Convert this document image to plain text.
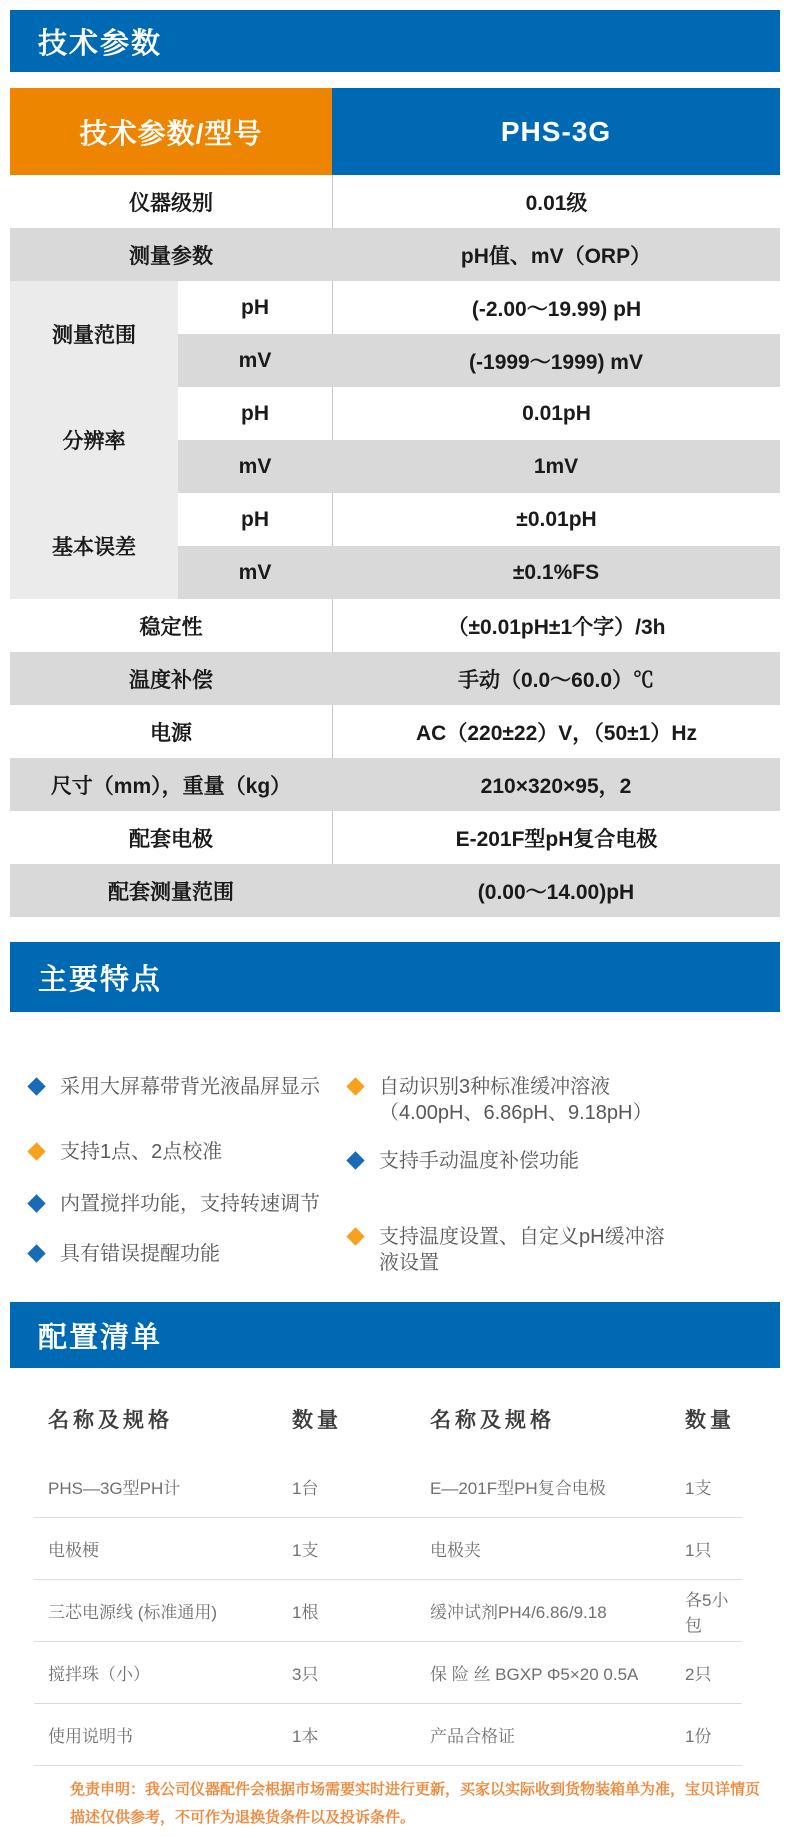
技术参数
技术参数/型号	PHS-3G
仪器级别	0.01级
测量参数	pH值、mV（ORP）
测量范围
pH	(-2.00～19.99) pH
mV	(-1999～1999) mV
分辨率
pH	0.01pH
mV	1mV
基本误差
pH	±0.01pH
mV	±0.1%FS
稳定性	（±0.01pH±1个字）/3h
温度补偿	手动（0.0～60.0）℃
电源	AC（220±22）V，（50±1）Hz
尺寸（mm），重量（kg）	210×320×95，2
配套电极	E-201F型pH复合电极
配套测量范围	(0.00～14.00)pH
主要特点
采用大屏幕带背光液晶屏显示
支持1点、2点校准
内置搅拌功能，支持转速调节
具有错误提醒功能
自动识别3种标准缓冲溶液（4.00pH、6.86pH、9.18pH）
支持手动温度补偿功能
支持温度设置、自定义pH缓冲溶液设置
配置清单
名称及规格	数量	名称及规格	数量
PHS—3G型PH计	1台	E—201F型PH复合电极	1支
电极梗	1支	电极夹	1只
三芯电源线 (标准通用)	1根	缓冲试剂PH4/6.86/9.18
各5小包
搅拌珠（小）	3只	保 险 丝 BGXP Φ5×20 0.5A	2只
使用说明书	1本	产品合格证	1份
免责申明：我公司仪器配件会根据市场需要实时进行更新，买家以实际收到货物装箱单为准，宝贝详情页描述仅供参考，不可作为退换货条件以及投诉条件。
